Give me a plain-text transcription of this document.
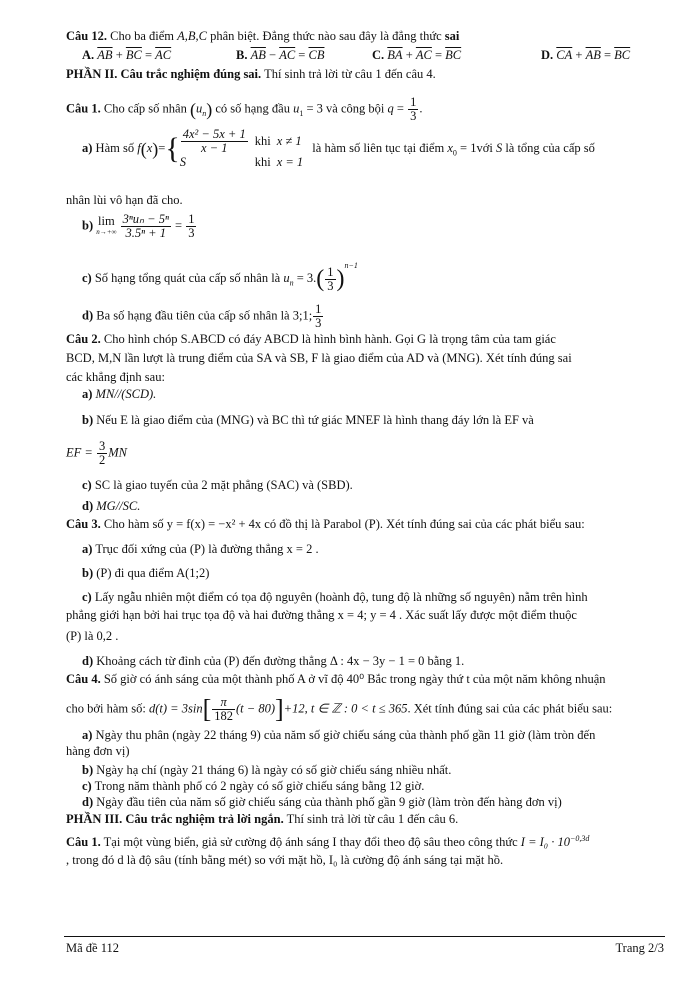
Câu 12. Cho ba điểm A,B,C phân biệt. Đẳng thức nào sau đây là đẳng thức sai
A. $\overline{AB} + \overline{BC} = \overline{AC}$	B. $\overline{AB} - \overline{AC} = \overline{CB}$	C. $\overline{BA} + \overline{AC} = \overline{BC}$	D. $\overline{CA} + \overline{AB} = \overline{BC}$
PHẦN II. Câu trắc nghiệm đúng sai. Thí sinh trả lời từ câu 1 đến câu 4.
Câu 1. Cho cấp số nhân $(u_n)$ có số hạng đầu $u_1 = 3$ và công bội $q = \frac{1}{3}$ .
a) Hàm số $f(x)=\{ \frac{\text{4x² − 5x + 1}}{x - 1}$	khi	x ≠ 1
S	khi	x = 1
là hàm số liên tục tại điểm $x_0$ = 1với S là tổng của cấp số
nhân lùi vô hạn đã cho.
b) lim
n→+∞
$\frac{\text{3ⁿuₙ − 5ⁿ}}{\text{3.5ⁿ + 1}} = \frac{1}{3}$
c) Số hạng tổng quát của cấp số nhân là $u_n = 3.( \frac{1}{3} )^{n-1}$
d) Ba số hạng đầu tiên của cấp số nhân là 3;1; $\frac{1}{3}$
Câu 2. Cho hình chóp S.ABCD có đáy ABCD là hình bình hành. Gọi G là trọng tâm của tam giác
BCD, M,N lần lượt là trung điểm của SA và SB, F là giao điểm của AD và (MNG). Xét tính đúng sai
các khẳng định sau:
a) MN//(SCD).
b) Nếu E là giao điểm của (MNG) và BC thì tứ giác MNEF là hình thang đáy lớn là EF và
EF = $\frac{3}{2}$ MN
c) SC là giao tuyến của 2 mặt phẳng (SAC) và (SBD).
d) MG//SC.
Câu 3. Cho hàm số y = f(x) = −x² + 4x có đồ thị là Parabol (P). Xét tính đúng sai của các phát biểu sau:
a) Trục đối xứng của (P) là đường thẳng x = 2 .
b) (P) đi qua điểm A(1;2)
c) Lấy ngẫu nhiên một điểm có tọa độ nguyên (hoành độ, tung độ là những số nguyên) nằm trên hình
phẳng giới hạn bởi hai trục tọa độ và hai đường thẳng x = 4; y = 4 . Xác suất lấy được một điểm thuộc
(P) là 0,2 .
d) Khoảng cách từ đỉnh của (P) đến đường thẳng Δ : 4x − 3y − 1 = 0 bằng 1.
Câu 4. Số giờ có ánh sáng của một thành phố A ở vĩ độ 40⁰ Bắc trong ngày thứ t của một năm không nhuận
cho bởi hàm số: $d(t) = 3\sin[ \frac{\pi}{182} (t - 80)]+12$, t ∈ ℤ : 0 < t ≤ 365. Xét tính đúng sai của các phát biểu sau:
a) Ngày thu phân (ngày 22 tháng 9) của năm số giờ chiếu sáng của thành phố gần 11 giờ (làm tròn đến
hàng đơn vị)
b) Ngày hạ chí (ngày 21 tháng 6) là ngày có số giờ chiếu sáng nhiều nhất.
c) Trong năm thành phố có 2 ngày có số giờ chiếu sáng bằng 12 giờ.
d) Ngày đầu tiên của năm số giờ chiếu sáng của thành phố gần 9 giờ (làm tròn đến hàng đơn vị)
PHẦN III. Câu trắc nghiệm trả lời ngắn. Thí sinh trả lời từ câu 1 đến câu 6.
Câu 1. Tại một vùng biển, giả sử cường độ ánh sáng I thay đổi theo độ sâu theo công thức $I = I_0 \cdot 10^{-0,3d}$
, trong đó d là độ sâu (tính bằng mét) so với mặt hồ, I₀ là cường độ ánh sáng tại mặt hồ.
Mã đề 112	Trang 2/3
